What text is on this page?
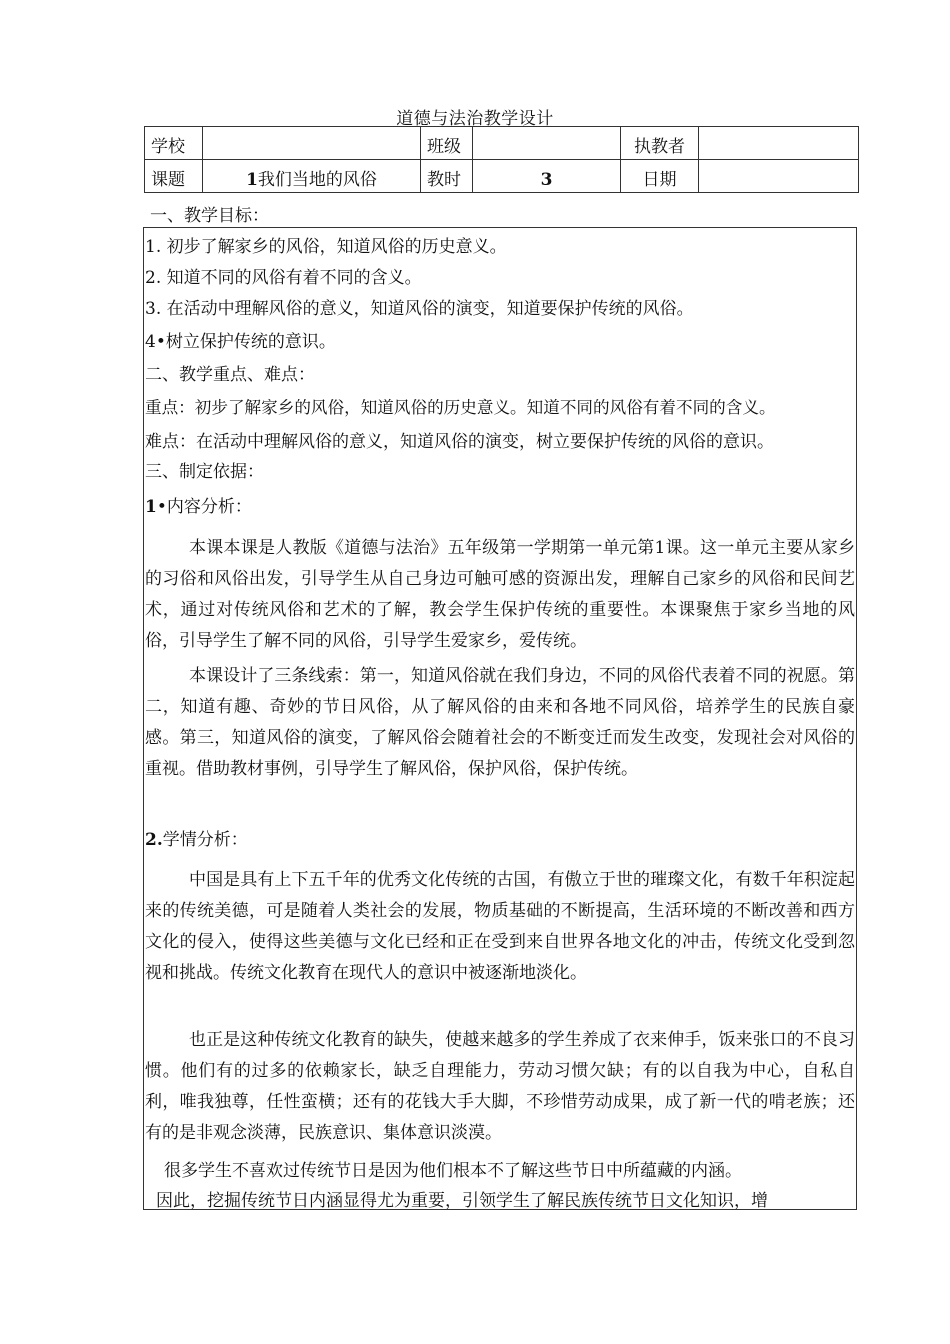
道德与法治教学设计
学校		班级		执教者	
课题	1我们当地的风俗	教时	3	日期	
一、教学目标：
1. 初步了解家乡的风俗，知道风俗的历史意义。
2. 知道不同的风俗有着不同的含义。
3. 在活动中理解风俗的意义，知道风俗的演变，知道要保护传统的风俗。
4•树立保护传统的意识。
二、教学重点、难点：
重点：初步了解家乡的风俗，知道风俗的历史意义。知道不同的风俗有着不同的含义。
难点：在活动中理解风俗的意义，知道风俗的演变，树立要保护传统的风俗的意识。
三、制定依据：
1•内容分析：
本课本课是人教版《道德与法治》五年级第一学期第一单元第1课。这一单元主要从家乡的习俗和风俗出发，引导学生从自己身边可触可感的资源出发，理解自己家乡的风俗和民间艺术，通过对传统风俗和艺术的了解，教会学生保护传统的重要性。本课聚焦于家乡当地的风俗，引导学生了解不同的风俗，引导学生爱家乡，爱传统。
本课设计了三条线索：第一，知道风俗就在我们身边，不同的风俗代表着不同的祝愿。第二，知道有趣、奇妙的节日风俗，从了解风俗的由来和各地不同风俗，培养学生的民族自豪感。第三，知道风俗的演变，了解风俗会随着社会的不断变迁而发生改变，发现社会对风俗的重视。借助教材事例，引导学生了解风俗，保护风俗，保护传统。
2.学情分析：
中国是具有上下五千年的优秀文化传统的古国，有傲立于世的璀璨文化，有数千年积淀起来的传统美德，可是随着人类社会的发展，物质基础的不断提高，生活环境的不断改善和西方文化的侵入，使得这些美德与文化已经和正在受到来自世界各地文化的冲击，传统文化受到忽视和挑战。传统文化教育在现代人的意识中被逐渐地淡化。
也正是这种传统文化教育的缺失，使越来越多的学生养成了衣来伸手，饭来张口的不良习惯。他们有的过多的依赖家长，缺乏自理能力，劳动习惯欠缺；有的以自我为中心，自私自利，唯我独尊，任性蛮横；还有的花钱大手大脚，不珍惜劳动成果，成了新一代的啃老族；还有的是非观念淡薄，民族意识、集体意识淡漠。
很多学生不喜欢过传统节日是因为他们根本不了解这些节日中所蕴藏的内涵。
因此，挖掘传统节日内涵显得尤为重要，引领学生了解民族传统节日文化知识，增
